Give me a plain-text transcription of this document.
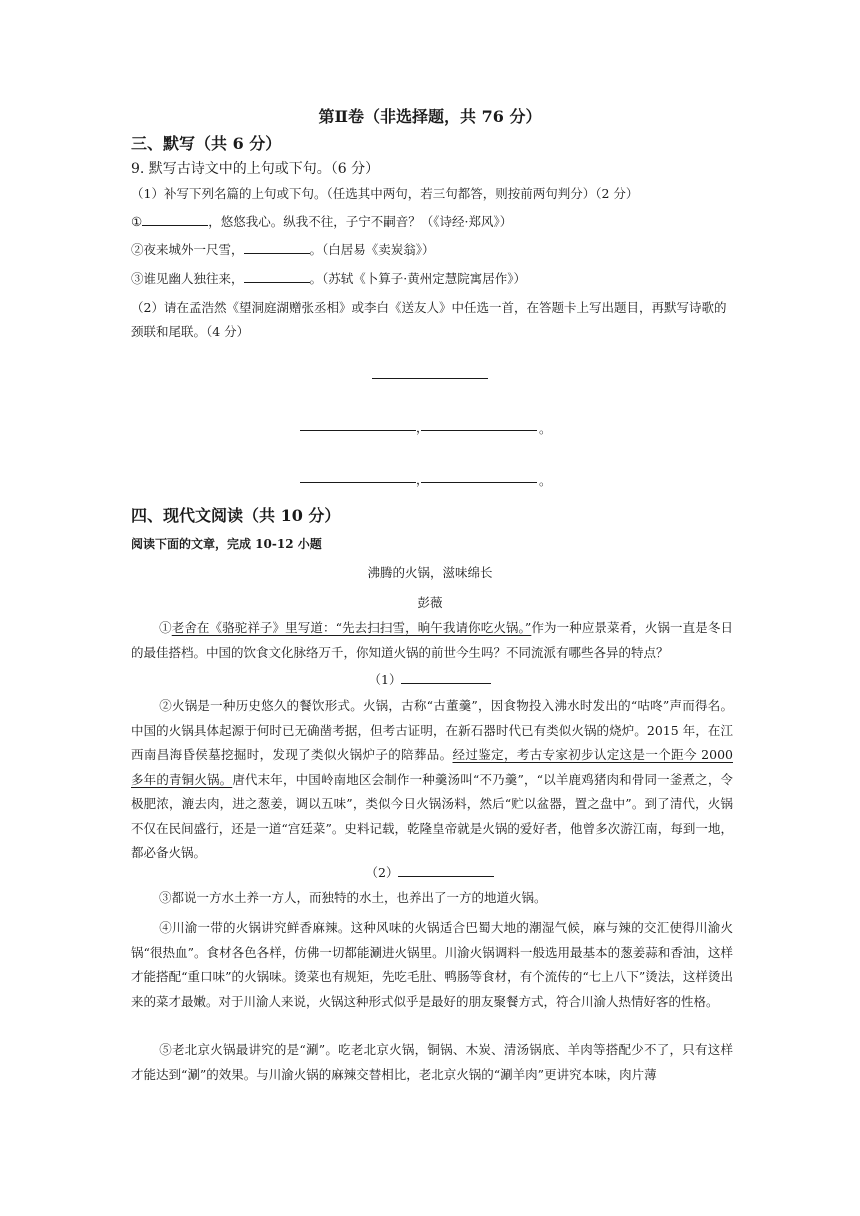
第Ⅱ卷（非选择题，共 76 分）
三、默写（共 6 分）
9. 默写古诗文中的上句或下句。（6 分）
（1）补写下列名篇的上句或下句。（任选其中两句，若三句都答，则按前两句判分）（2 分）
①	，悠悠我心。纵我不往，子宁不嗣音？（《诗经·郑风》）
②夜来城外一尺雪，	。（白居易《卖炭翁》）
③谁见幽人独往来，	。（苏轼《卜算子·黄州定慧院寓居作》）
（2）请在孟浩然《望洞庭湖赠张丞相》或李白《送友人》中任选一首，在答题卡上写出题目，再默写诗歌的颈联和尾联。（4 分）
，	。
，	。
四、现代文阅读（共 10 分）
阅读下面的文章，完成 10-12 小题
沸腾的火锅，滋味绵长
彭薇
①老舍在《骆驼祥子》里写道：“先去扫扫雪，晌午我请你吃火锅。”作为一种应景菜肴，火锅一直是冬日的最佳搭档。中国的饮食文化脉络万千，你知道火锅的前世今生吗？不同流派有哪些各异的特点？
（1）
②火锅是一种历史悠久的餐饮形式。火锅，古称“古董羹”，因食物投入沸水时发出的“咕咚”声而得名。中国的火锅具体起源于何时已无确凿考据，但考古证明，在新石器时代已有类似火锅的烧炉。2015 年，在江西南昌海昏侯墓挖掘时，发现了类似火锅炉子的陪葬品。经过鉴定，考古专家初步认定这是一个距今 2000 多年的青铜火锅。唐代末年，中国岭南地区会制作一种羹汤叫“不乃羹”，“以羊鹿鸡猪肉和骨同一釜煮之，令极肥浓，漉去肉，进之葱姜，调以五味”，类似今日火锅汤料，然后“贮以盆器，置之盘中”。到了清代，火锅不仅在民间盛行，还是一道“宫廷菜”。史料记载，乾隆皇帝就是火锅的爱好者，他曾多次游江南，每到一地，都必备火锅。
（2）
③都说一方水土养一方人，而独特的水土，也养出了一方的地道火锅。
④川渝一带的火锅讲究鲜香麻辣。这种风味的火锅适合巴蜀大地的潮湿气候，麻与辣的交汇使得川渝火锅“很热血”。食材各色各样，仿佛一切都能涮进火锅里。川渝火锅调料一般选用最基本的葱姜蒜和香油，这样才能搭配“重口味”的火锅味。烫菜也有规矩，先吃毛肚、鸭肠等食材，有个流传的“七上八下”烫法，这样烫出来的菜才最嫩。对于川渝人来说，火锅这种形式似乎是最好的朋友聚餐方式，符合川渝人热情好客的性格。
⑤老北京火锅最讲究的是“涮”。吃老北京火锅，铜锅、木炭、清汤锅底、羊肉等搭配少不了，只有这样才能达到“涮”的效果。与川渝火锅的麻辣交替相比，老北京火锅的“涮羊肉”更讲究本味，肉片薄
